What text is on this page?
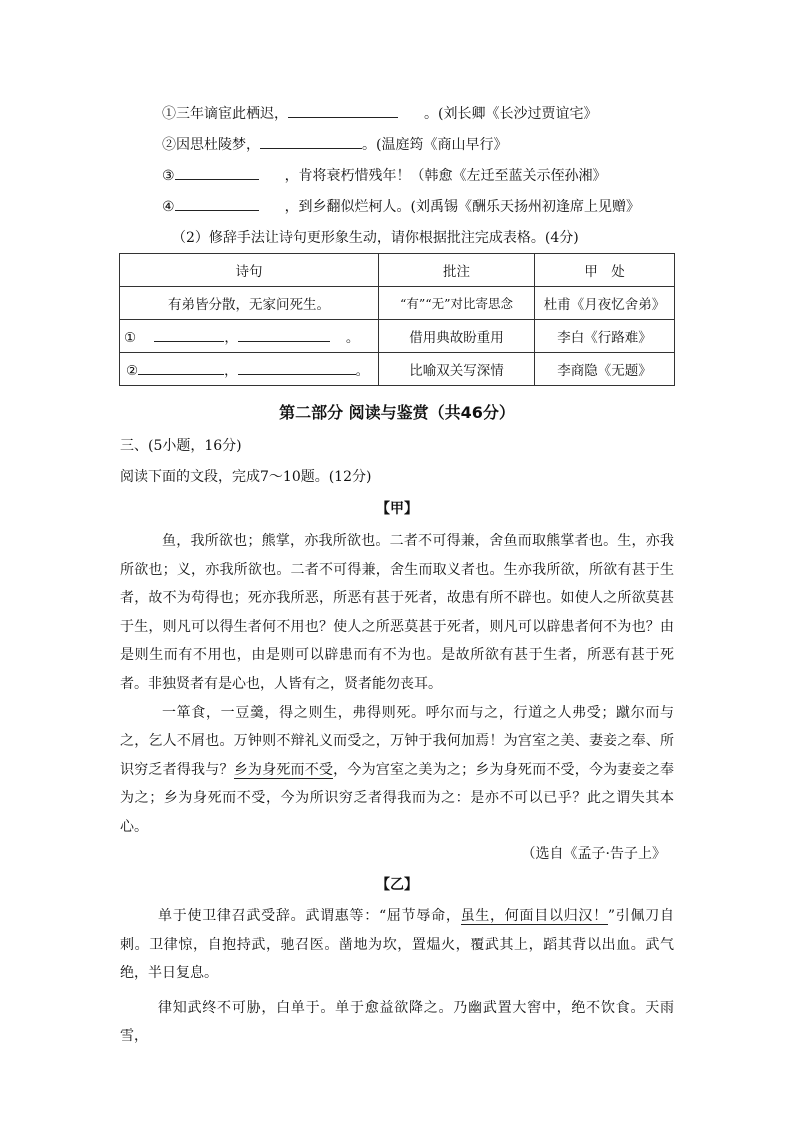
①三年谪宦此栖迟，	。(刘长卿《长沙过贾谊宅》
②因思杜陵梦，	。(温庭筠《商山早行》
③	，肯将衰朽惜残年！（韩愈《左迁至蓝关示侄孙湘》
④	，到乡翻似烂柯人。(刘禹锡《酬乐天扬州初逢席上见赠》
（2）修辞手法让诗句更形象生动，请你根据批注完成表格。(4分)
诗句	批注	甲　处
有弟皆分散，无家问死生。	“有”“无”对比寄思念	杜甫《月夜忆舍弟》
① ， 。	借用典故盼重用	李白《行路难》
② ， 。	比喻双关写深情	李商隐《无题》
第二部分 阅读与鉴赏（共46分）
三、(5小题，16分)
阅读下面的文段，完成7～10题。(12分)
【甲】

鱼，我所欲也；熊掌，亦我所欲也。二者不可得兼，舍鱼而取熊掌者也。生，亦我所欲也；义，亦我所欲也。二者不可得兼，舍生而取义者也。生亦我所欲，所欲有甚于生者，故不为苟得也；死亦我所恶，所恶有甚于死者，故患有所不辟也。如使人之所欲莫甚于生，则凡可以得生者何不用也？使人之所恶莫甚于死者，则凡可以辟患者何不为也？由是则生而有不用也，由是则可以辟患而有不为也。是故所欲有甚于生者，所恶有甚于死者。非独贤者有是心也，人皆有之，贤者能勿丧耳。

一箪食，一豆羹，得之则生，弗得则死。呼尔而与之，行道之人弗受；蹴尔而与之，乞人不屑也。万钟则不辩礼义而受之，万钟于我何加焉！为宫室之美、妻妾之奉、所识穷乏者得我与？乡为身死而不受，今为宫室之美为之；乡为身死而不受，今为妻妾之奉为之；乡为身死而不受，今为所识穷乏者得我而为之：是亦不可以已乎？此之谓失其本心。

（选自《孟子·告子上》
【乙】

单于使卫律召武受辞。武谓惠等：“屈节辱命，虽生，何面目以归汉！”引佩刀自刺。卫律惊，自抱持武，驰召医。凿地为坎，置煴火，覆武其上，蹈其背以出血。武气绝，半日复息。

律知武终不可胁，白单于。单于愈益欲降之。乃幽武置大窖中，绝不饮食。天雨雪，
